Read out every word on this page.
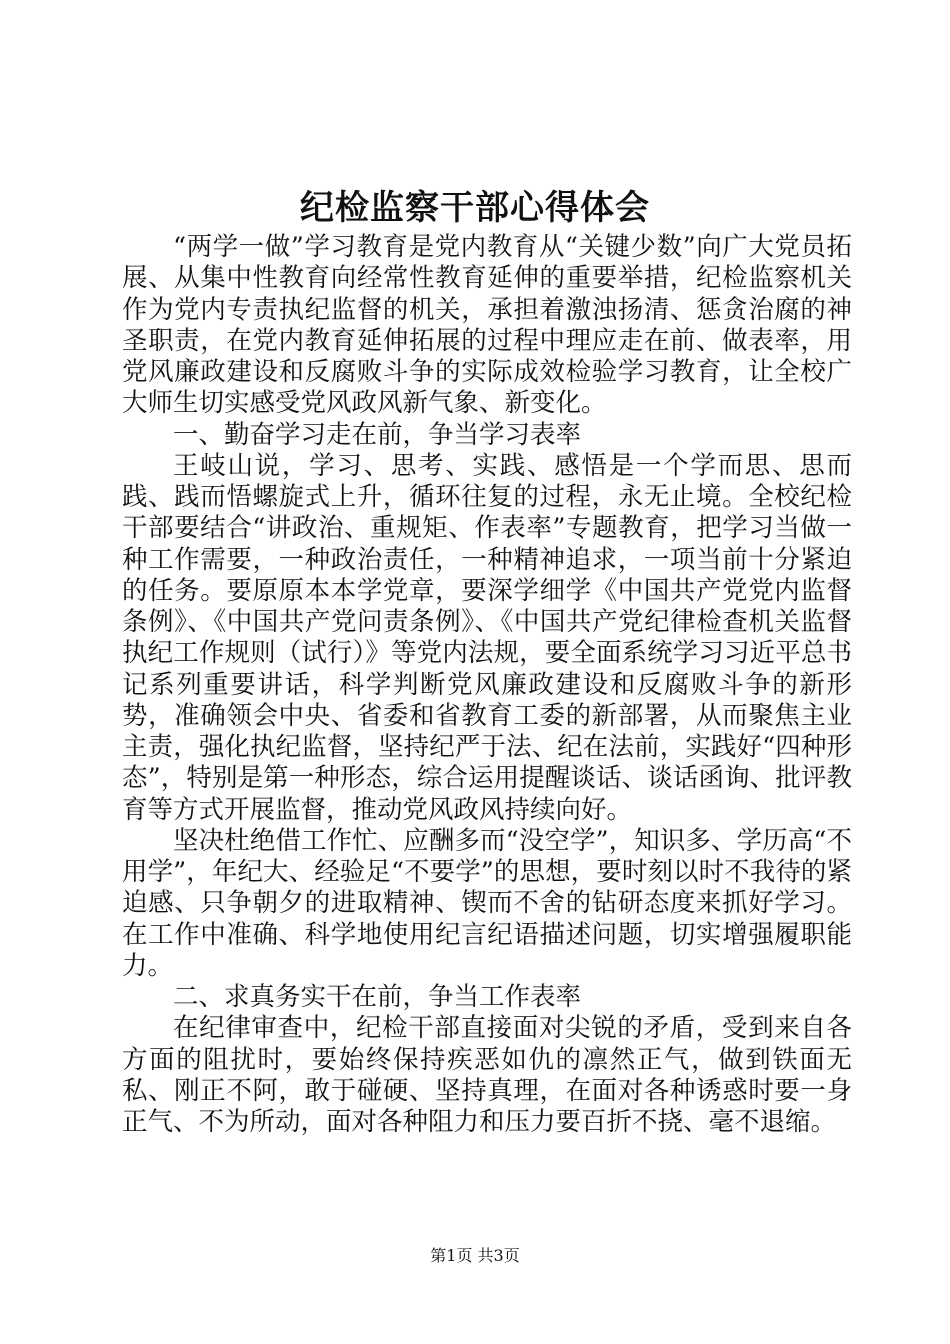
纪检监察干部心得体会

“两学一做”学习教育是党内教育从“关键少数”向广大党员拓展、从集中性教育向经常性教育延伸的重要举措，纪检监察机关作为党内专责执纪监督的机关，承担着激浊扬清、惩贪治腐的神圣职责，在党内教育延伸拓展的过程中理应走在前、做表率，用党风廉政建设和反腐败斗争的实际成效检验学习教育，让全校广大师生切实感受党风政风新气象、新变化。

一、勤奋学习走在前，争当学习表率

王岐山说，学习、思考、实践、感悟是一个学而思、思而践、践而悟螺旋式上升，循环往复的过程，永无止境。全校纪检干部要结合“讲政治、重规矩、作表率”专题教育，把学习当做一种工作需要，一种政治责任，一种精神追求，一项当前十分紧迫的任务。要原原本本学党章，要深学细学《中国共产党党内监督条例》、《中国共产党问责条例》、《中国共产党纪律检查机关监督执纪工作规则（试行）》等党内法规，要全面系统学习习近平总书记系列重要讲话，科学判断党风廉政建设和反腐败斗争的新形势，准确领会中央、省委和省教育工委的新部署，从而聚焦主业主责，强化执纪监督，坚持纪严于法、纪在法前，实践好“四种形态”，特别是第一种形态，综合运用提醒谈话、谈话函询、批评教育等方式开展监督，推动党风政风持续向好。

坚决杜绝借工作忙、应酬多而“没空学”，知识多、学历高“不用学”，年纪大、经验足“不要学”的思想，要时刻以时不我待的紧迫感、只争朝夕的进取精神、锲而不舍的钻研态度来抓好学习。在工作中准确、科学地使用纪言纪语描述问题，切实增强履职能力。

二、求真务实干在前，争当工作表率

在纪律审查中，纪检干部直接面对尖锐的矛盾，受到来自各方面的阻扰时，要始终保持疾恶如仇的凛然正气，做到铁面无私、刚正不阿，敢于碰硬、坚持真理，在面对各种诱惑时要一身正气、不为所动，面对各种阻力和压力要百折不挠、毫不退缩。

第1页 共3页
